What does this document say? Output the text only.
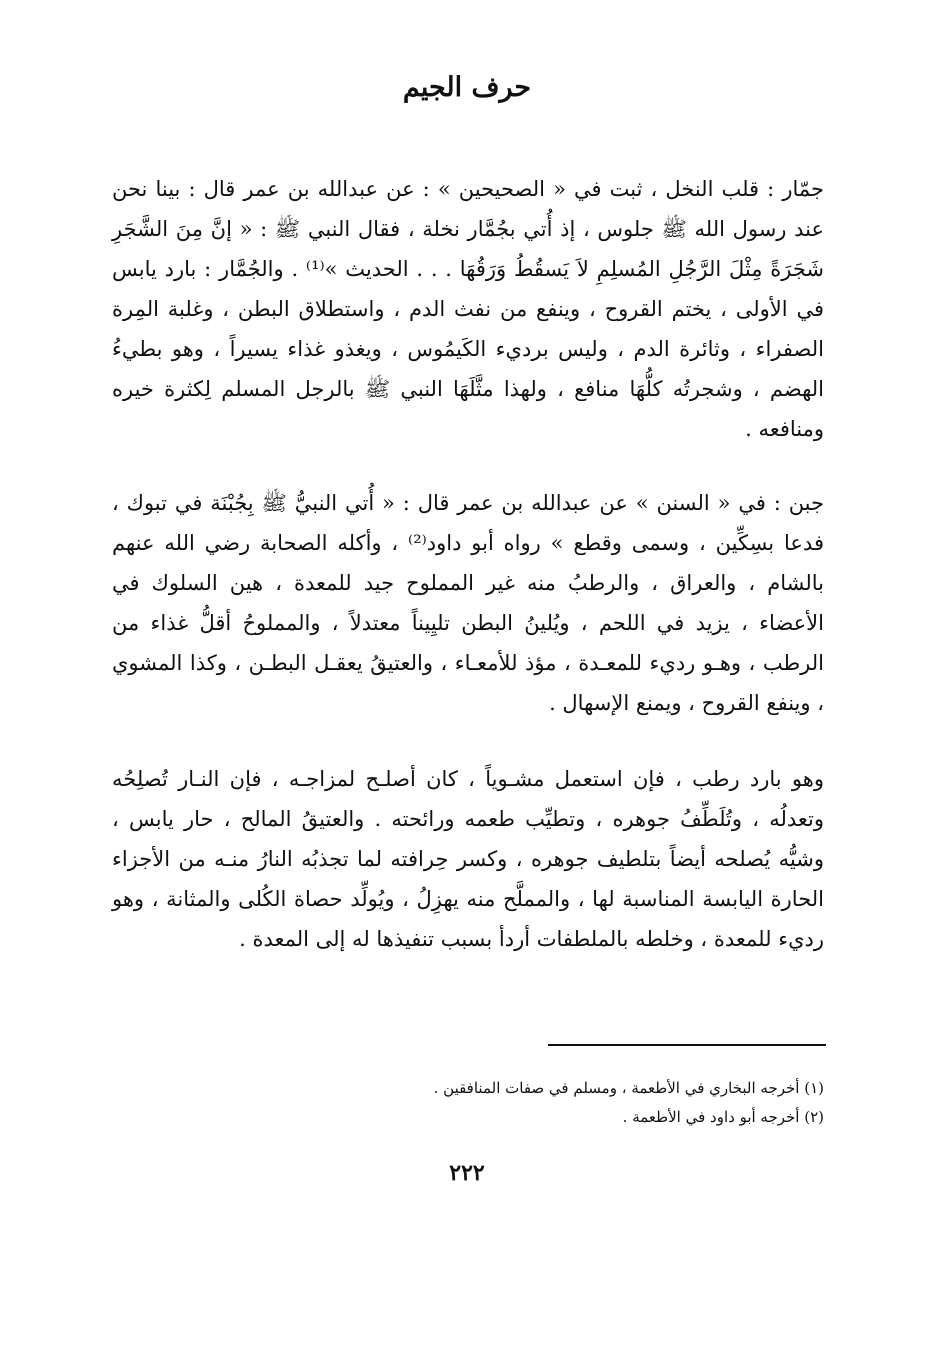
حرف الجيم

جمّار : قلب النخل ، ثبت في « الصحيحين » : عن عبدالله بن عمر قال : بينا نحن عند رسول الله ﷺ جلوس ، إذ أُتي بجُمَّار نخلة ، فقال النبي ﷺ : « إنَّ مِنَ الشَّجَرِ شَجَرَةً مِثْلَ الرَّجُلِ المُسلِمِ لاَ يَسقُطُ وَرَقُهَا . . . الحديث »⁽¹⁾ . والجُمَّار : بارد يابس في الأولى ، يختم القروح ، وينفع من نفث الدم ، واستطلاق البطن ، وغلبة المِرة الصفراء ، وثائرة الدم ، وليس برديء الكَيمُوس ، ويغذو غذاء يسيراً ، وهو بطيءُ الهضم ، وشجرتُه كلُّهَا منافع ، ولهذا مثَّلَهَا النبي ﷺ بالرجل المسلم لِكثرة خيره ومنافعه .

جبن : في « السنن » عن عبدالله بن عمر قال : « أُتي النبيُّ ﷺ بِجُبْنَة في تبوك ، فدعا بسِكِّين ، وسمى وقطع » رواه أبو داود⁽²⁾ ، وأكله الصحابة رضي الله عنهم بالشام ، والعراق ، والرطبُ منه غير المملوح جيد للمعدة ، هين السلوك في الأعضاء ، يزيد في اللحم ، ويُلينُ البطن تليِيناً معتدلاً ، والمملوحُ أقلُّ غذاء من الرطب ، وهـو رديء للمعـدة ، مؤذ للأمعـاء ، والعتيقُ يعقـل البطـن ، وكذا المشوي ، وينفع القروح ، ويمنع الإسهال .

وهو بارد رطب ، فإن استعمل مشـوياً ، كان أصلـح لمزاجـه ، فإن النـار تُصلِحُه وتعدلُه ، وتُلَطِّفُ جوهره ، وتطيِّب طعمه ورائحته . والعتيقُ المالح ، حار يابس ، وشيُّه يُصلحه أيضاً بتلطيف جوهره ، وكسر حِرافته لما تجذبُه النارُ منـه من الأجزاء الحارة اليابسة المناسبة لها ، والمملَّح منه يهزِلُ ، ويُولِّد حصاة الكُلى والمثانة ، وهو رديء للمعدة ، وخلطه بالملطفات أردأ بسبب تنفيذها له إلى المعدة .

(١) أخرجه البخاري في الأطعمة ، ومسلم في صفات المنافقين .
(٢) أخرجه أبو داود في الأطعمة .
٢٢٢
